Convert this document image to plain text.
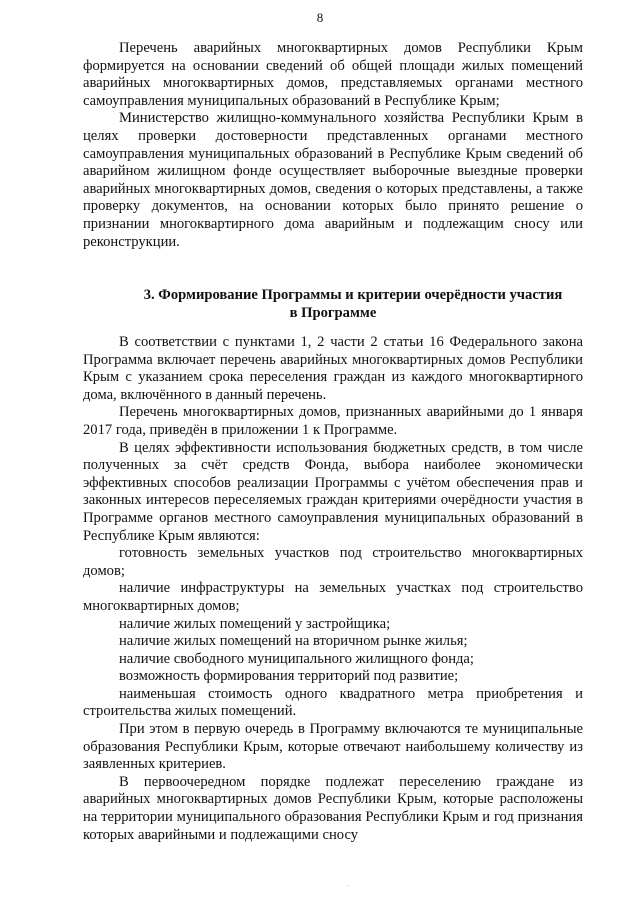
8

Перечень аварийных многоквартирных домов Республики Крым формируется на основании сведений об общей площади жилых помещений аварийных многоквартирных домов, представляемых органами местного самоуправления муниципальных образований в Республике Крым;

Министерство жилищно-коммунального хозяйства Республики Крым в целях проверки достоверности представленных органами местного самоуправления муниципальных образований в Республике Крым сведений об аварийном жилищном фонде осуществляет выборочные выездные проверки аварийных многоквартирных домов, сведения о которых представлены, а также проверку документов, на основании которых было принято решение о признании многоквартирного дома аварийным и подлежащим сносу или реконструкции.

3. Формирование Программы и критерии очерёдности участия
в Программе

В соответствии с пунктами 1, 2 части 2 статьи 16 Федерального закона Программа включает перечень аварийных многоквартирных домов Республики Крым с указанием срока переселения граждан из каждого многоквартирного дома, включённого в данный перечень.

Перечень многоквартирных домов, признанных аварийными до 1 января 2017 года, приведён в приложении 1 к Программе.

В целях эффективности использования бюджетных средств, в том числе полученных за счёт средств Фонда, выбора наиболее экономически эффективных способов реализации Программы с учётом обеспечения прав и законных интересов переселяемых граждан критериями очерёдности участия в Программе органов местного самоуправления муниципальных образований в Республике Крым являются:

готовность земельных участков под строительство многоквартирных домов;

наличие инфраструктуры на земельных участках под строительство многоквартирных домов;

наличие жилых помещений у застройщика;

наличие жилых помещений на вторичном рынке жилья;

наличие свободного муниципального жилищного фонда;

возможность формирования территорий под развитие;

наименьшая стоимость одного квадратного метра приобретения и строительства жилых помещений.

При этом в первую очередь в Программу включаются те муниципальные образования Республики Крым, которые отвечают наибольшему количеству из заявленных критериев.

В первоочередном порядке подлежат переселению граждане из аварийных многоквартирных домов Республики Крым, которые расположены на территории муниципального образования Республики Крым и год признания которых аварийными и подлежащими сносу

·
